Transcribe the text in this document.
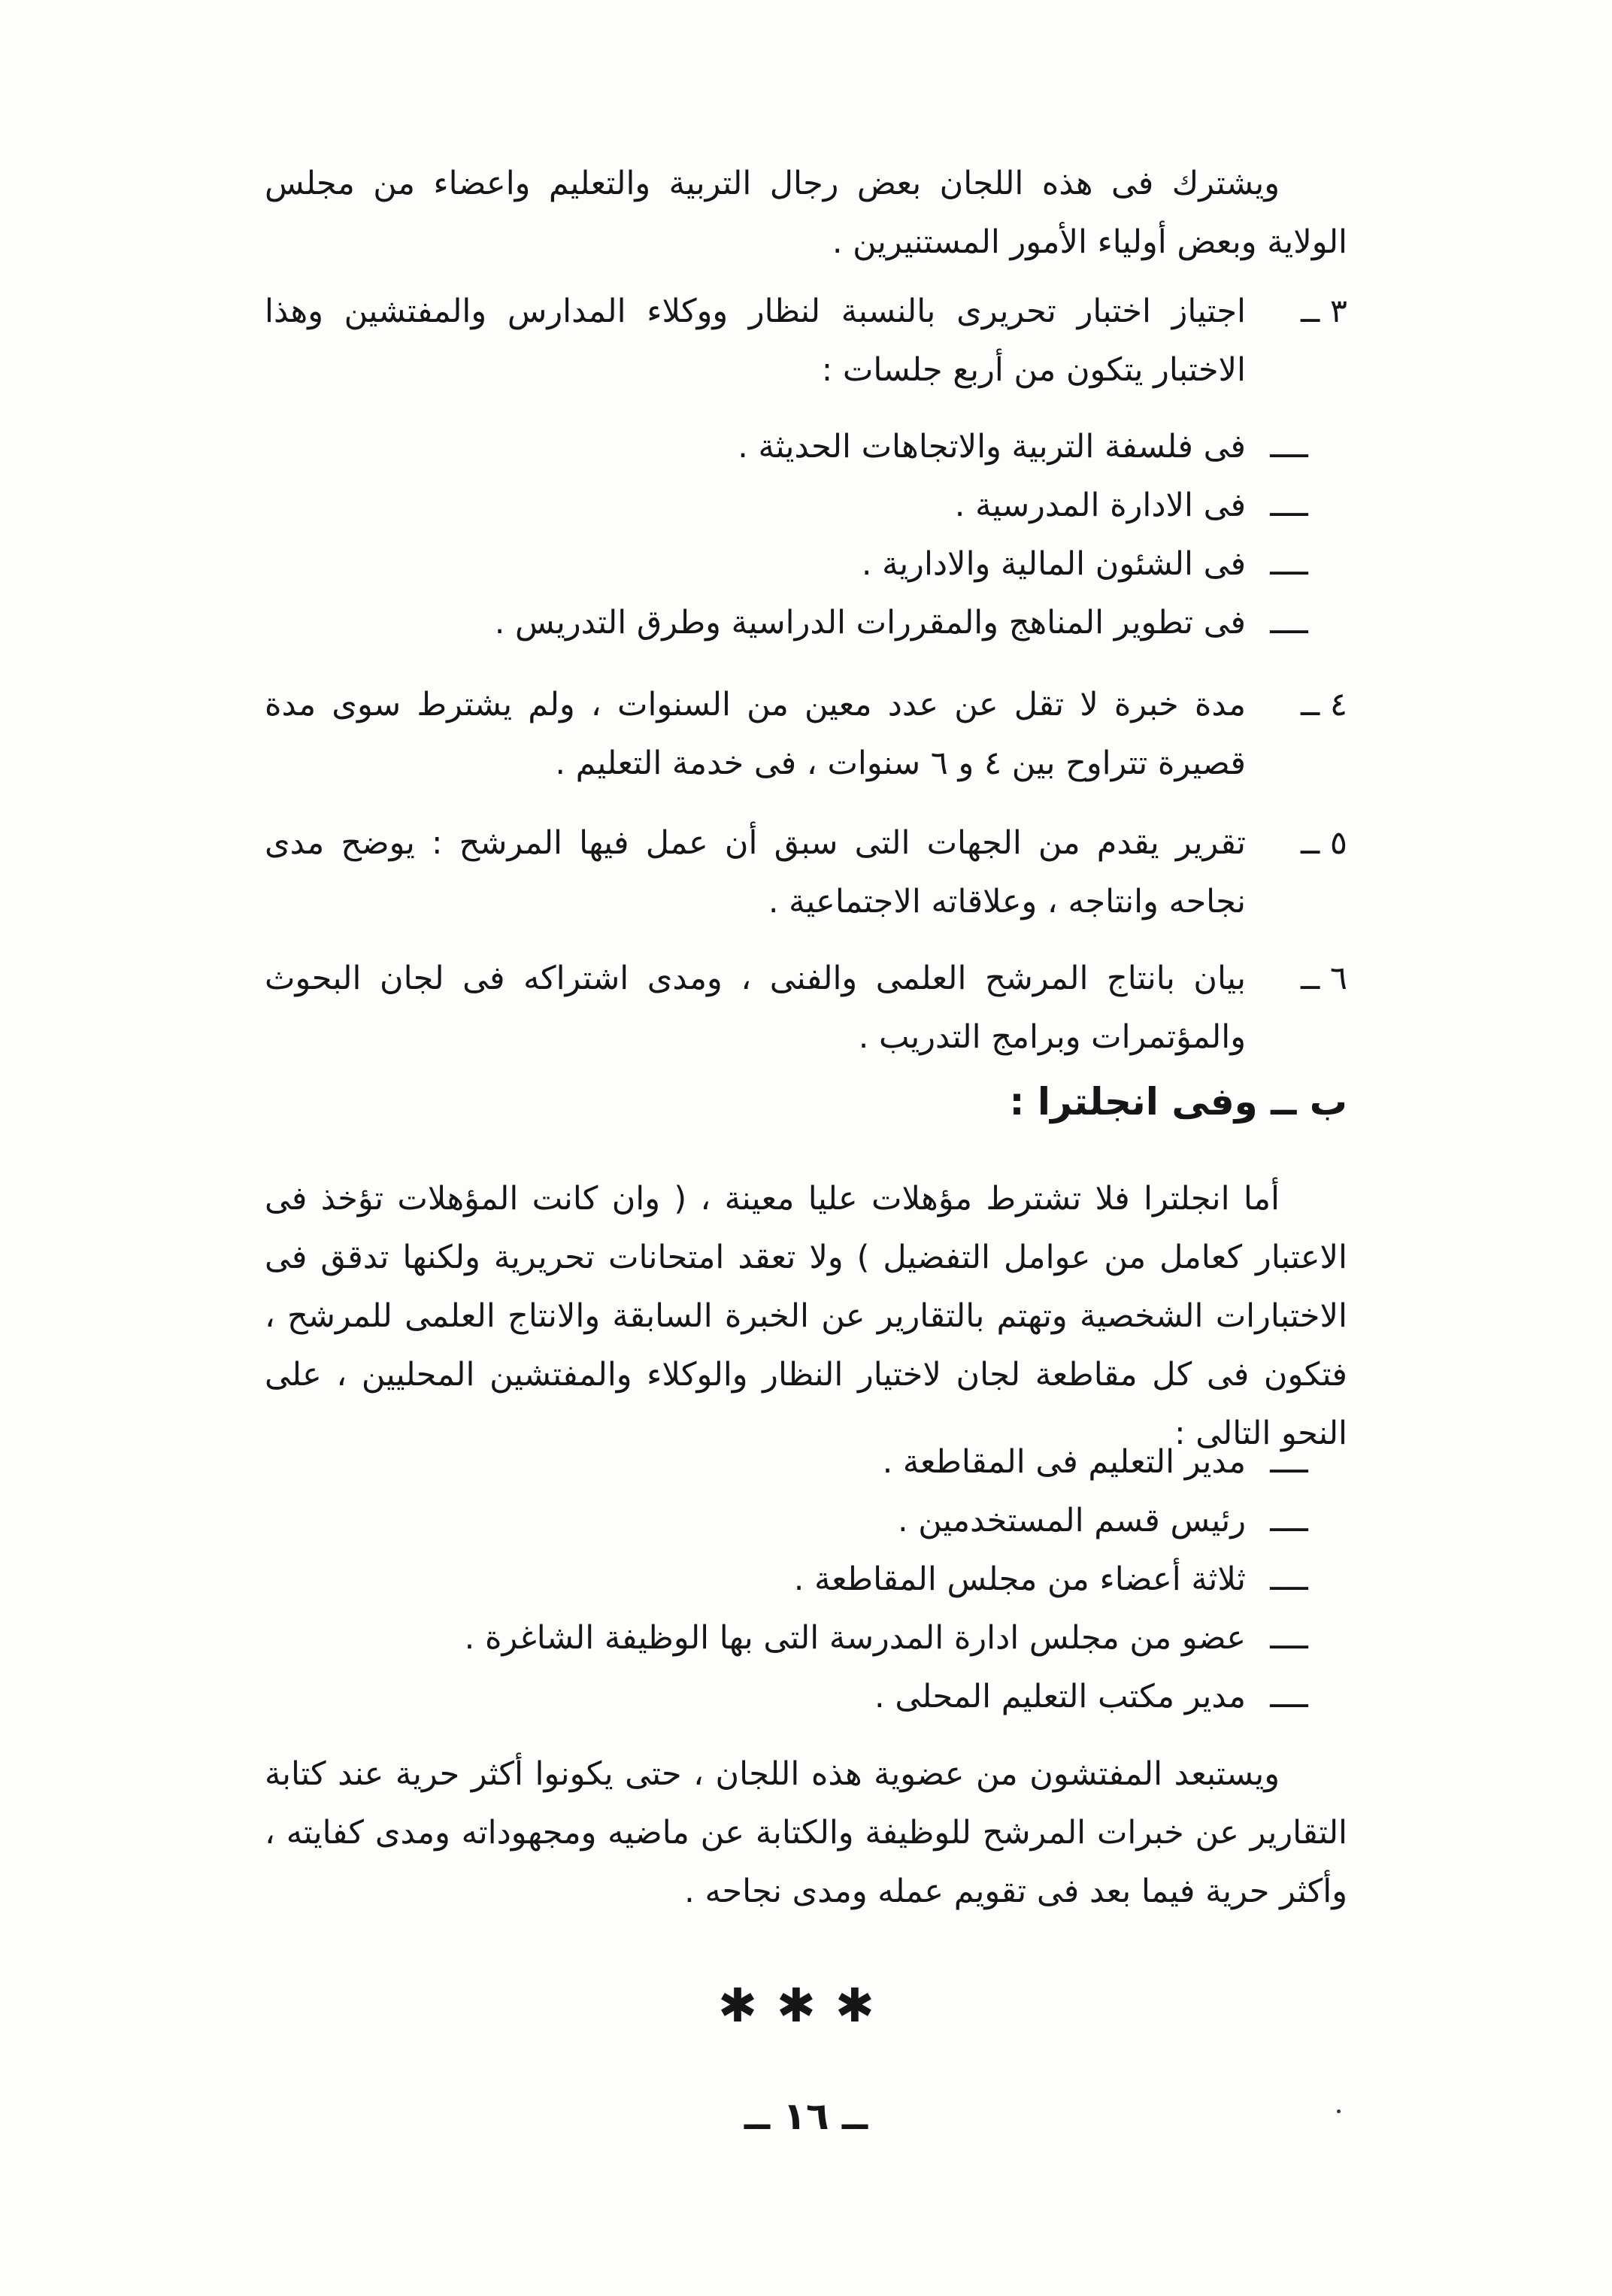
ويشترك فى هذه اللجان بعض رجال التربية والتعليم واعضاء من مجلس الولاية وبعض أولياء الأمور المستنيرين .

٣ ــ
اجتياز اختبار تحريرى بالنسبة لنظار ووكلاء المدارس والمفتشين وهذا الاختبار يتكون من أربع جلسات :
ــــ
فى فلسفة التربية والاتجاهات الحديثة .
ــــ
فى الادارة المدرسية .
ــــ
فى الشئون المالية والادارية .
ــــ
فى تطوير المناهج والمقررات الدراسية وطرق التدريس .
٤ ــ
مدة خبرة لا تقل عن عدد معين من السنوات ، ولم يشترط سوى مدة قصيرة تتراوح بين ٤ و ٦ سنوات ، فى خدمة التعليم .
٥ ــ
تقرير يقدم من الجهات التى سبق أن عمل فيها المرشح : يوضح مدى نجاحه وانتاجه ، وعلاقاته الاجتماعية .
٦ ــ
بيان بانتاج المرشح العلمى والفنى ، ومدى اشتراكه فى لجان البحوث والمؤتمرات وبرامج التدريب .
ب ــ وفى انجلترا :

أما انجلترا فلا تشترط مؤهلات عليا معينة ، ( وان كانت المؤهلات تؤخذ فى الاعتبار كعامل من عوامل التفضيل ) ولا تعقد امتحانات تحريرية ولكنها تدقق فى الاختبارات الشخصية وتهتم بالتقارير عن الخبرة السابقة والانتاج العلمى للمرشح ، فتكون فى كل مقاطعة لجان لاختيار النظار والوكلاء والمفتشين المحليين ، على النحو التالى :

ــــ
مدير التعليم فى المقاطعة .
ــــ
رئيس قسم المستخدمين .
ــــ
ثلاثة أعضاء من مجلس المقاطعة .
ــــ
عضو من مجلس ادارة المدرسة التى بها الوظيفة الشاغرة .
ــــ
مدير مكتب التعليم المحلى .

ويستبعد المفتشون من عضوية هذه اللجان ، حتى يكونوا أكثر حرية عند كتابة التقارير عن خبرات المرشح للوظيفة والكتابة عن ماضيه ومجهوداته ومدى كفايته ، وأكثر حرية فيما بعد فى تقويم عمله ومدى نجاحه .

✱✱✱
ــ ١٦ ــ
